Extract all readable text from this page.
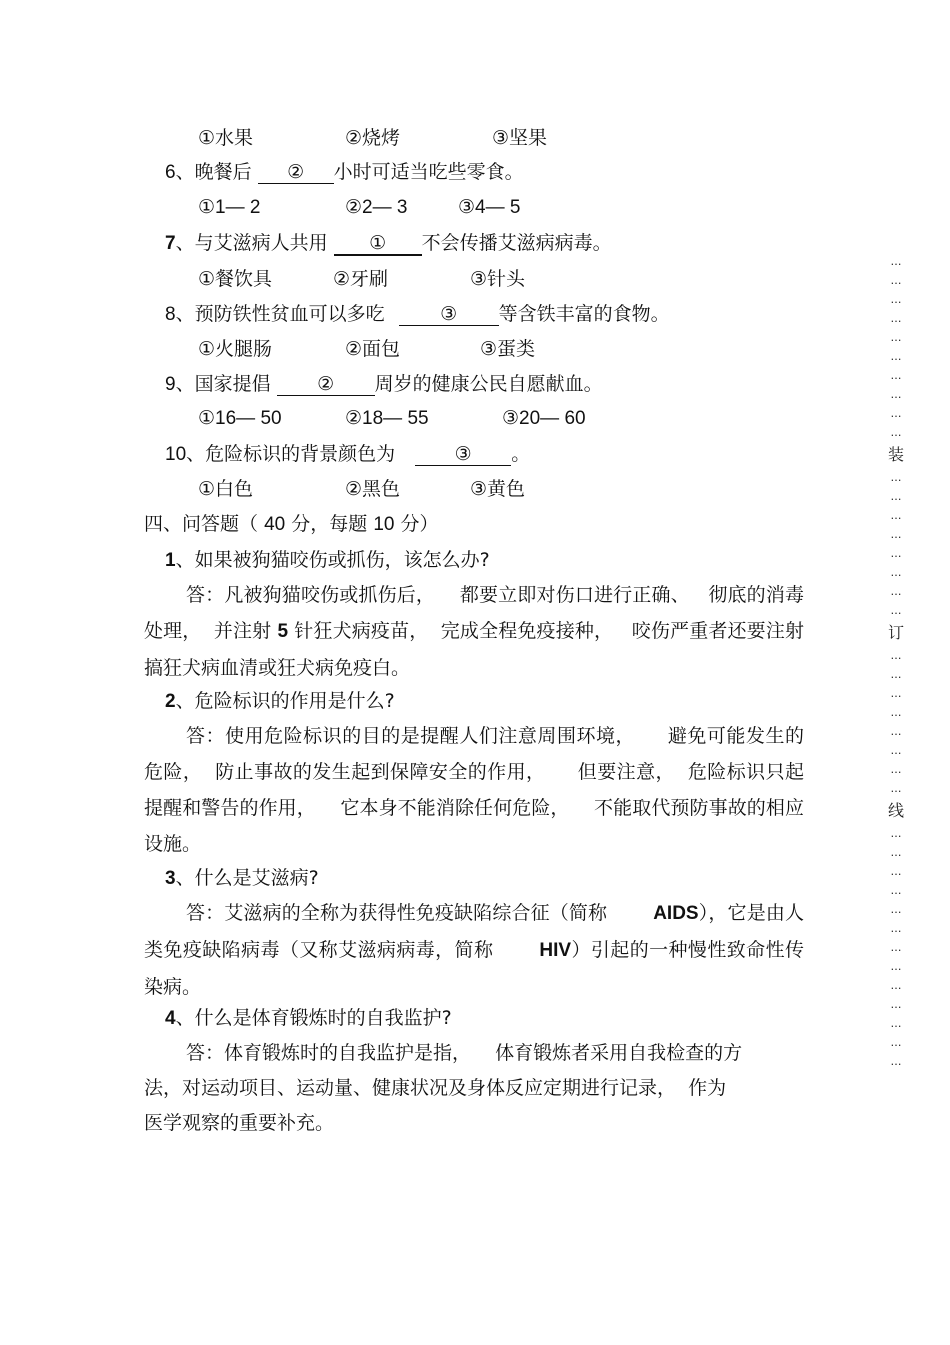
①水果	②烧烤	③坚果
6、晚餐后 ② 小时可适当吃些零食。
①1— 2	②2— 3	③4— 5
7、与艾滋病人共用 ① 不会传播艾滋病病毒。
①餐饮具	②牙刷	③针头
8、预防铁性贫血可以多吃	③ 等含铁丰富的食物。
①火腿肠	②面包	③蛋类
9、国家提倡 ② 周岁的健康公民自愿献血。
①16— 50	②18— 55	③20— 60
10、危险标识的背景颜色为	③ 。
①白色	②黑色	③黄色
四、问答题（ 40 分，每题 10 分）
1、如果被狗猫咬伤或抓伤，该怎么办?
答：凡被狗猫咬伤或抓伤后，    都要立即对伤口进行正确、   彻底的消毒处理，  并注射 5 针狂犬病疫苗，  完成全程免疫接种，   咬伤严重者还要注射搞狂犬病血清或狂犬病免疫白。
2、危险标识的作用是什么?
答：使用危险标识的目的是提醒人们注意周围环境，     避免可能发生的危险，  防止事故的发生起到保障安全的作用，     但要注意，  危险标识只起提醒和警告的作用，    它本身不能消除任何危险，    不能取代预防事故的相应设施。
3、什么是艾滋病?
答：艾滋病的全称为获得性免疫缺陷综合征（简称 AIDS），它是由人类免疫缺陷病毒（又称艾滋病病毒，简称 HIV）引起的一种慢性致命性传染病。
4、什么是体育锻炼时的自我监护?
答：体育锻炼时的自我监护是指，    体育锻炼者采用自我检查的方
法，对运动项目、运动量、健康状况及身体反应定期进行记录，  作为
医学观察的重要补充。
…
…
…
…
…
…
…
…
…
…
装
…
…
…
…
…
…
…
…
订
…
…
…
…
…
…
…
…
线
…
…
…
…
…
…
…
…
…
…
…
…
…
